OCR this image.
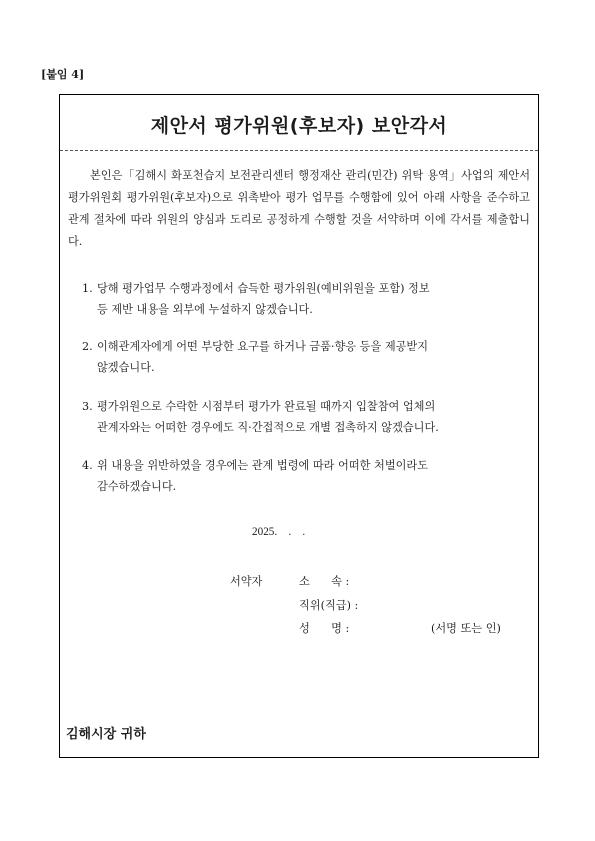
[붙임 4]
제안서 평가위원(후보자) 보안각서

본인은「김해시 화포천습지 보전관리센터 행정재산 관리(민간) 위탁 용역」사업의 제안서 평가위원회 평가위원(후보자)으로 위촉받아 평가 업무를 수행함에 있어 아래 사항을 준수하고 관계 절차에 따라 위원의 양심과 도리로 공정하게 수행할 것을 서약하며 이에 각서를 제출합니다.

1. 당해 평가업무 수행과정에서 습득한 평가위원(예비위원을 포함) 정보
등 제반 내용을 외부에 누설하지 않겠습니다.
2. 이해관계자에게 어떤 부당한 요구를 하거나 금품·향응 등을 제공받지
않겠습니다.
3. 평가위원으로 수락한 시점부터 평가가 완료될 때까지 입찰참여 업체의
관계자와는 어떠한 경우에도 직·간접적으로 개별 접촉하지 않겠습니다.
4. 위 내용을 위반하였을 경우에는 관계 법령에 따라 어떠한 처벌이라도
감수하겠습니다.
2025.    .    .
서약자	소      속 :
직위(직급) :
성      명 :	(서명 또는 인)
김해시장 귀하
